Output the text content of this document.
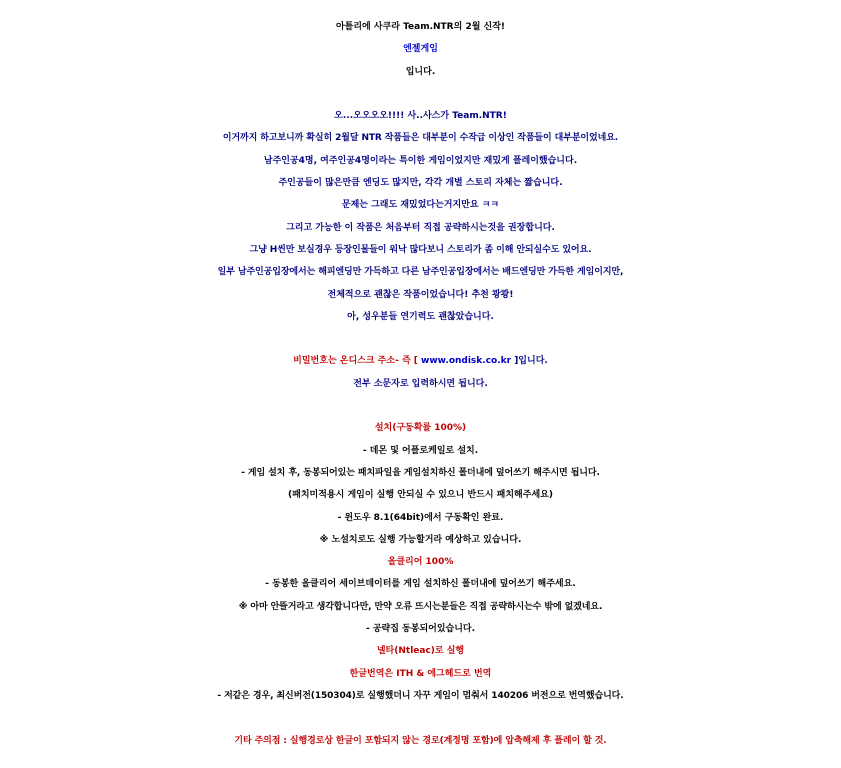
아틀리에 사쿠라 Team.NTR의 2월 신작!
엔젤게임
입니다.
오...오오오오!!!! 사..사스가 Team.NTR!
이거까지 하고보니까 확실히 2월달 NTR 작품들은 대부분이 수작급 이상인 작품들이 대부분이었네요.
남주인공4명, 여주인공4명이라는 특이한 게임이었지만 재밌게 플레이했습니다.
주인공들이 많은만큼 엔딩도 많지만, 각각 개별 스토리 자체는 짧습니다.
문제는 그래도 재밌었다는거지만요 ㅋㅋ
그리고 가능한 이 작품은 처음부터 직접 공략하시는것을 권장합니다.
그냥 H씬만 보실경우 등장인물들이 워낙 많다보니 스토리가 좀 이해 안되실수도 있어요.
일부 남주인공입장에서는 해피엔딩만 가득하고 다른 남주인공입장에서는 배드엔딩만 가득한 게임이지만,
전체적으로 괜찮은 작품이었습니다! 추천 쾅쾅!
아, 성우분들 연기력도 괜찮았습니다.
비밀번호는 온디스크 주소- 즉 [ www.ondisk.co.kr ]입니다.
전부 소문자로 입력하시면 됩니다.
설치(구동확률 100%)
- 데몬 및 어플로케일로 설치.
- 게임 설치 후, 동봉되어있는 패치파일을 게임설치하신 폴더내에 덮어쓰기 해주시면 됩니다.
(패치미적용시 게임이 실행 안되실 수 있으니 반드시 패치해주세요)
- 윈도우 8.1(64bit)에서 구동확인 완료.
※ 노설치로도 실행 가능할거라 예상하고 있습니다.
올클리어 100%
- 동봉한 올클리어 세이브데이터를 게임 설치하신 폴더내에 덮어쓰기 해주세요.
※ 아마 안뜰거라고 생각합니다만, 만약 오류 뜨시는분들은 직접 공략하시는수 밖에 없겠네요.
- 공략집 동봉되어있습니다.
넬타(Ntleac)로 실행
한글번역은 ITH & 에그헤드로 번역
- 저같은 경우, 최신버전(150304)로 실행했더니 자꾸 게임이 멈춰서 140206 버전으로 번역했습니다.
기타 주의점 : 실행경로상 한글이 포함되지 않는 경로(계정명 포함)에 압축해제 후 플레이 할 것.
